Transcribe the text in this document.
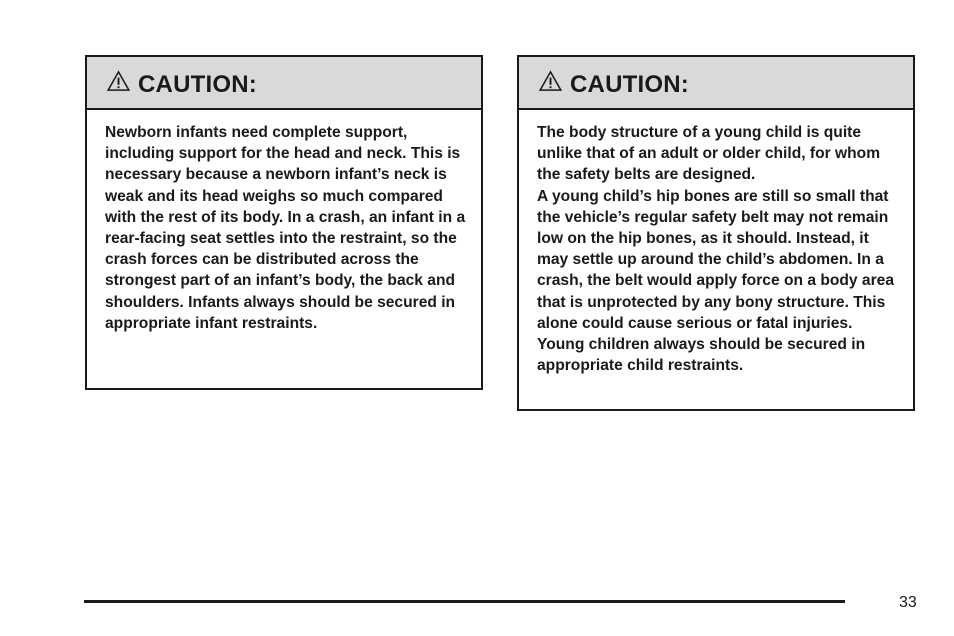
CAUTION:

Newborn infants need complete support, including support for the head and neck. This is necessary because a newborn infant’s neck is weak and its head weighs so much compared with the rest of its body. In a crash, an infant in a rear-facing seat settles into the restraint, so the crash forces can be distributed across the strongest part of an infant’s body, the back and shoulders. Infants always should be secured in appropriate infant restraints.

CAUTION:

The body structure of a young child is quite unlike that of an adult or older child, for whom the safety belts are designed.

A young child’s hip bones are still so small that the vehicle’s regular safety belt may not remain low on the hip bones, as it should. Instead, it may settle up around the child’s abdomen. In a crash, the belt would apply force on a body area that is unprotected by any bony structure. This alone could cause serious or fatal injuries. Young children always should be secured in appropriate child restraints.

33
